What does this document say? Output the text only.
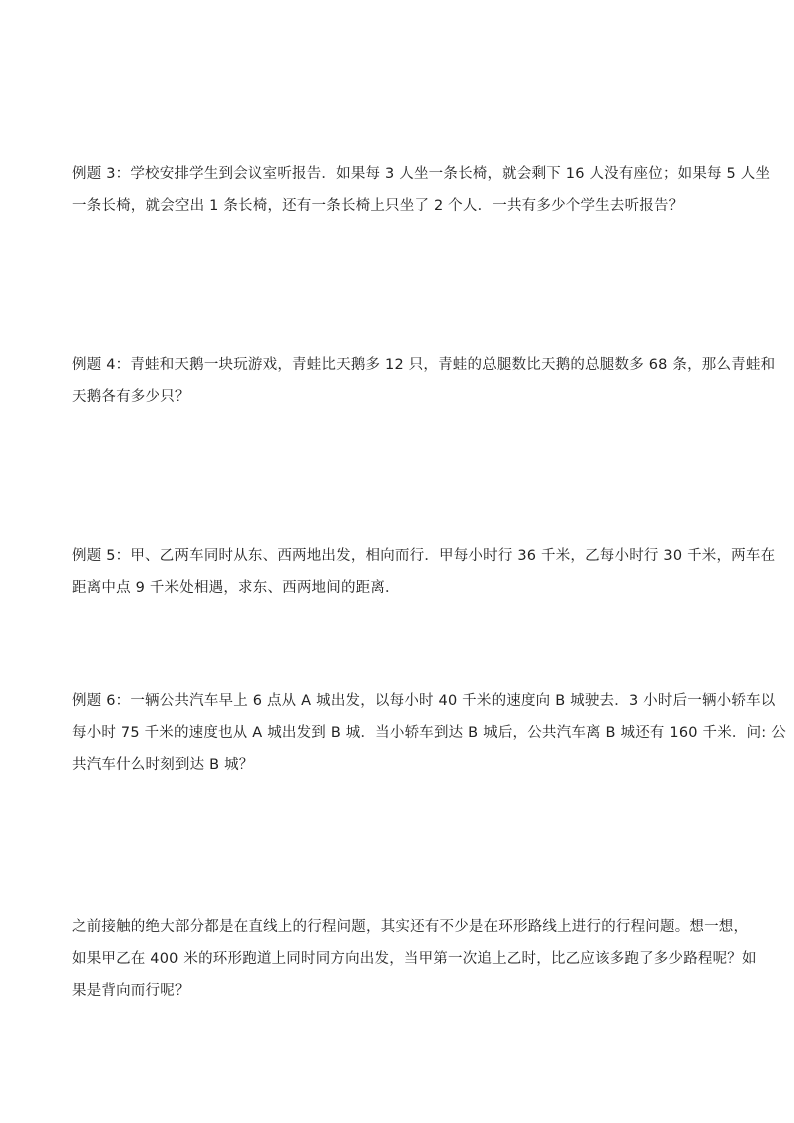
例题 3：学校安排学生到会议室听报告．如果每 3 人坐一条长椅，就会剩下 16 人没有座位；如果每 5 人坐
一条长椅，就会空出 1 条长椅，还有一条长椅上只坐了 2 个人．一共有多少个学生去听报告？

例题 4：青蛙和天鹅一块玩游戏，青蛙比天鹅多 12 只，青蛙的总腿数比天鹅的总腿数多 68 条，那么青蛙和
天鹅各有多少只？

例题 5：甲、乙两车同时从东、西两地出发，相向而行．甲每小时行 36 千米，乙每小时行 30 千米，两车在
距离中点 9 千米处相遇，求东、西两地间的距离．

例题 6：一辆公共汽车早上 6 点从 A 城出发，以每小时 40 千米的速度向 B 城驶去．3 小时后一辆小轿车以
每小时 75 千米的速度也从 A 城出发到 B 城．当小轿车到达 B 城后，公共汽车离 B 城还有 160 千米．问: 公
共汽车什么时刻到达 B 城？

之前接触的绝大部分都是在直线上的行程问题，其实还有不少是在环形路线上进行的行程问题。想一想，
如果甲乙在 400 米的环形跑道上同时同方向出发，当甲第一次追上乙时，比乙应该多跑了多少路程呢？如
果是背向而行呢？
